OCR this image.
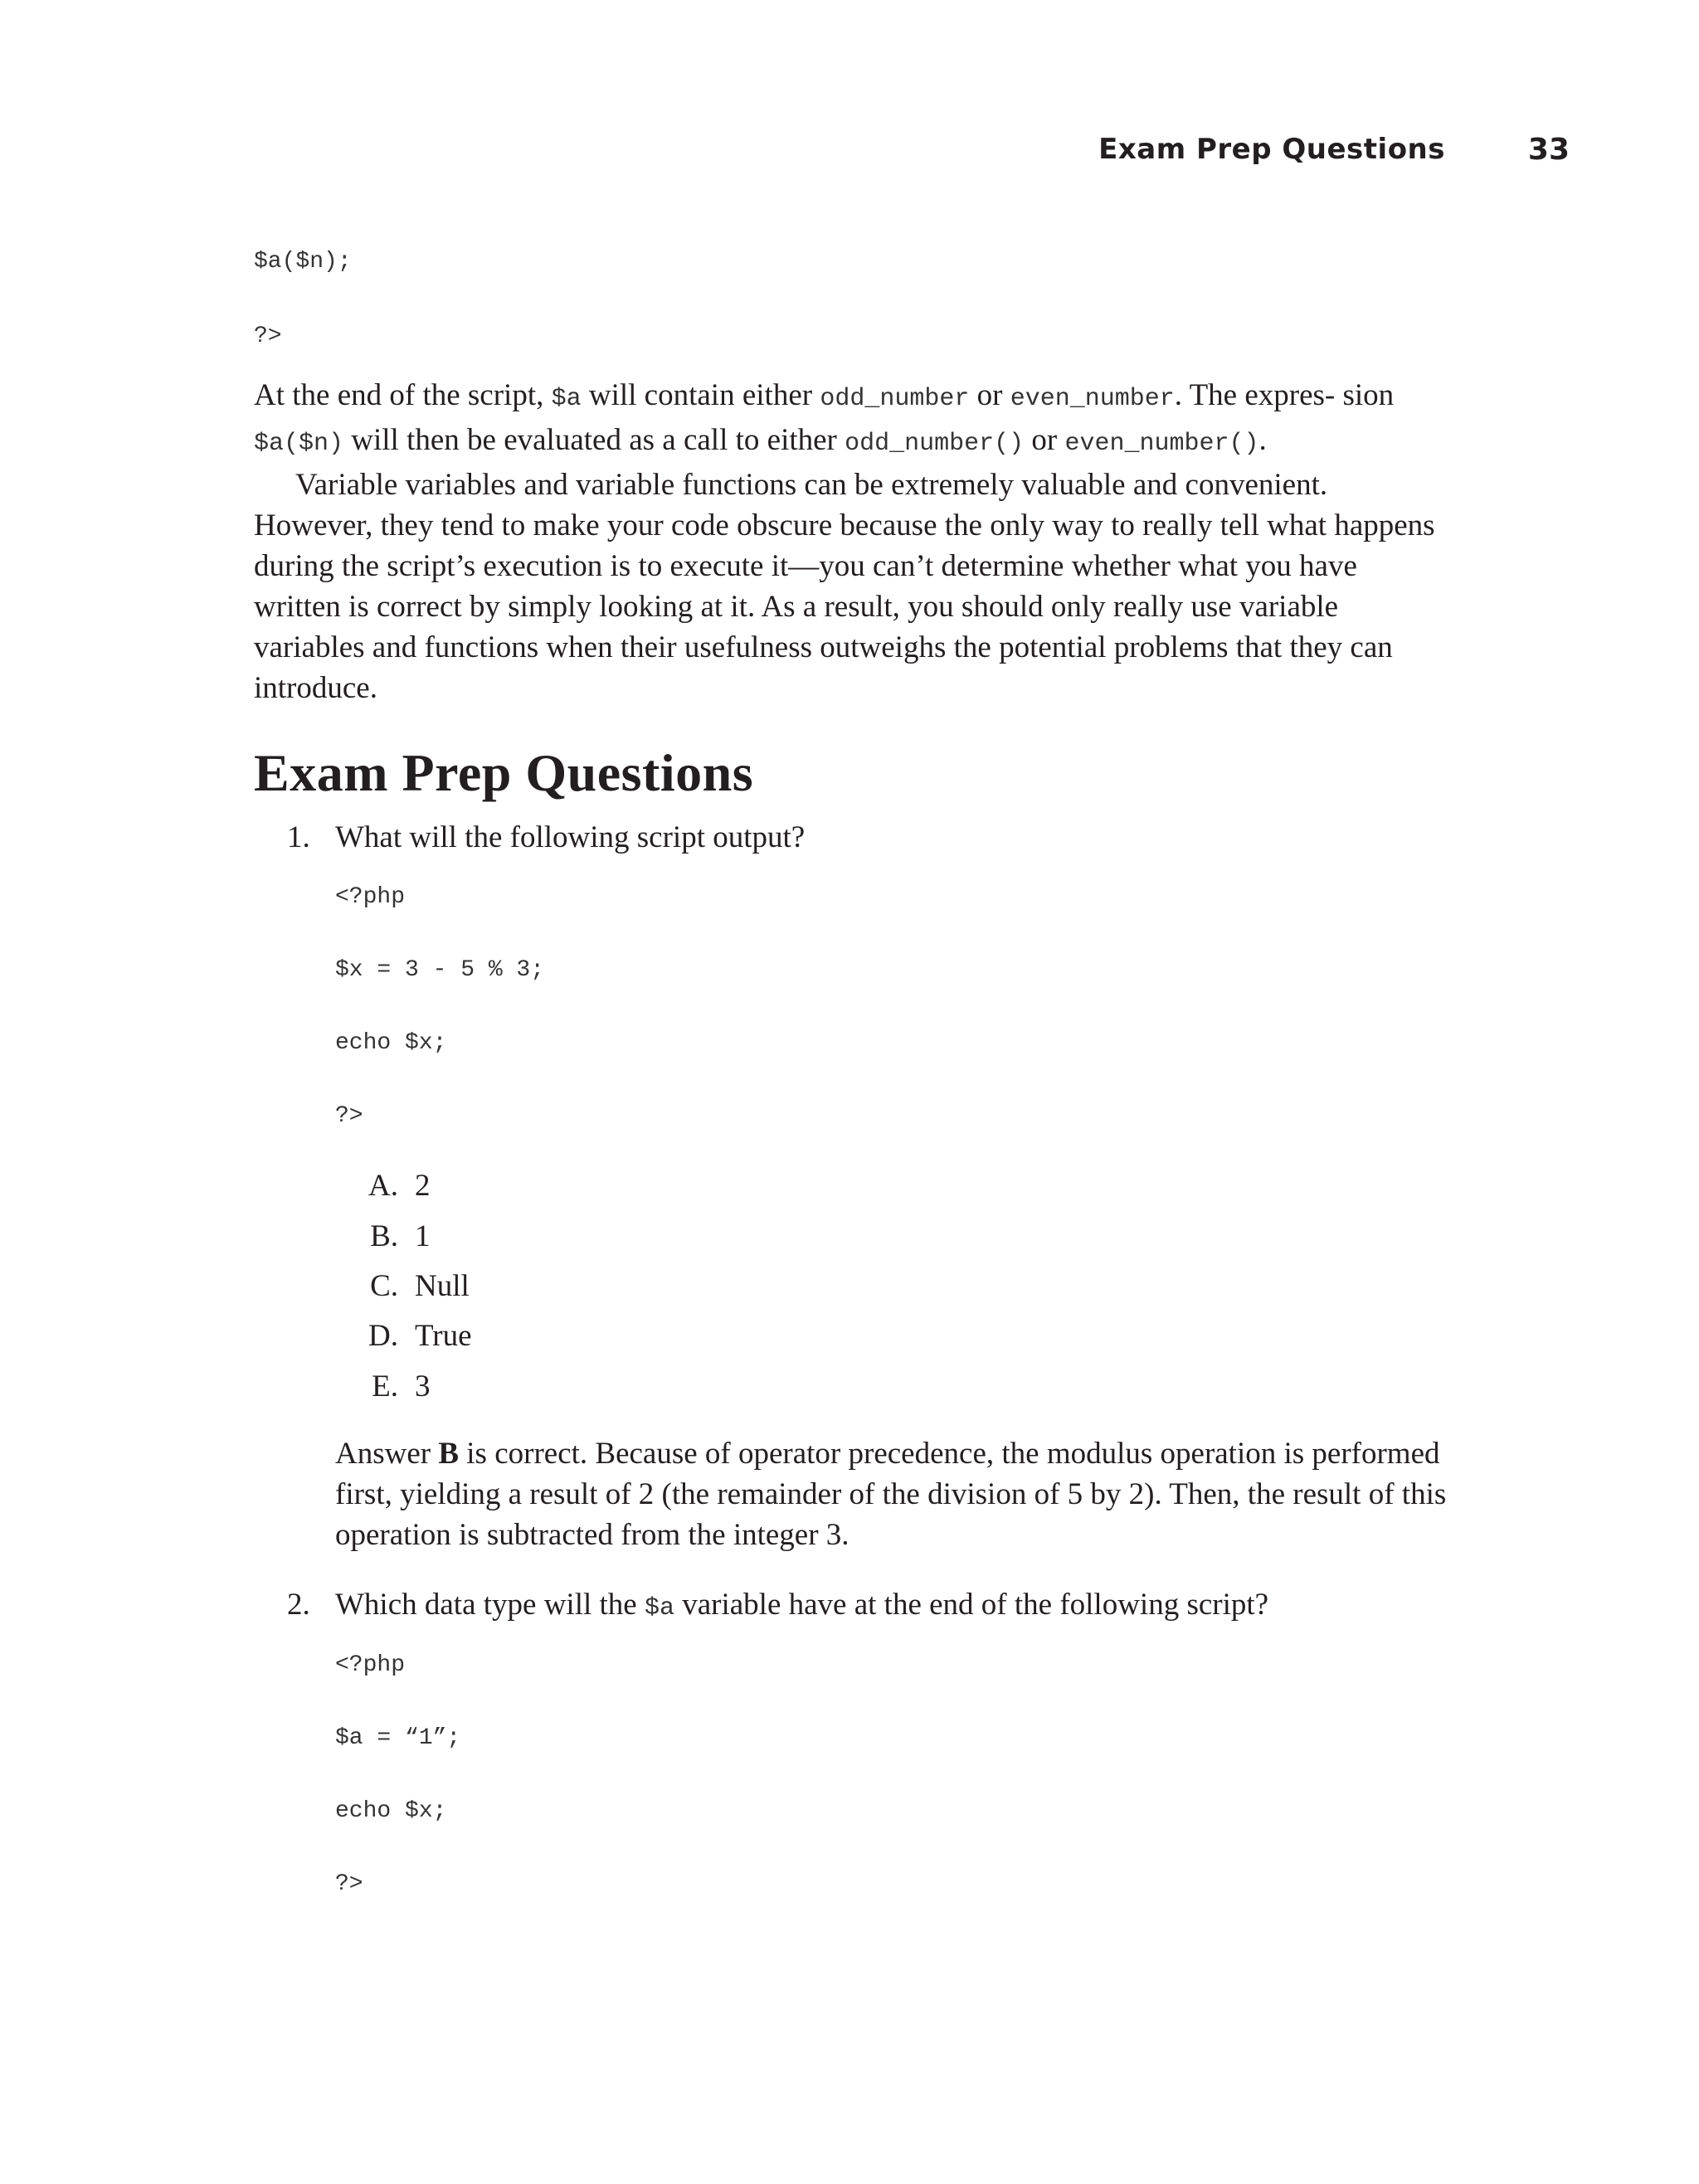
Exam Prep Questions	33
$a($n);
?>

At the end of the script, $a will contain either odd_number or even_number. The expres- sion $a($n) will then be evaluated as a call to either odd_number() or even_number().

Variable variables and variable functions can be extremely valuable and convenient. However, they tend to make your code obscure because the only way to really tell what happens during the script’s execution is to execute it—you can’t determine whether what you have written is correct by simply looking at it. As a result, you should only really use variable variables and functions when their usefulness outweighs the potential problems that they can introduce.

Exam Prep Questions
1. What will the following script output?
<?php
$x = 3 - 5 % 3;
echo $x;
?>
A. 2
B. 1
C. Null
D. True
E. 3

Answer B is correct. Because of operator precedence, the modulus operation is performed first, yielding a result of 2 (the remainder of the division of 5 by 2). Then, the result of this operation is subtracted from the integer 3.

2. Which data type will the $a variable have at the end of the following script?
<?php
$a = “1”;
echo $x;
?>
